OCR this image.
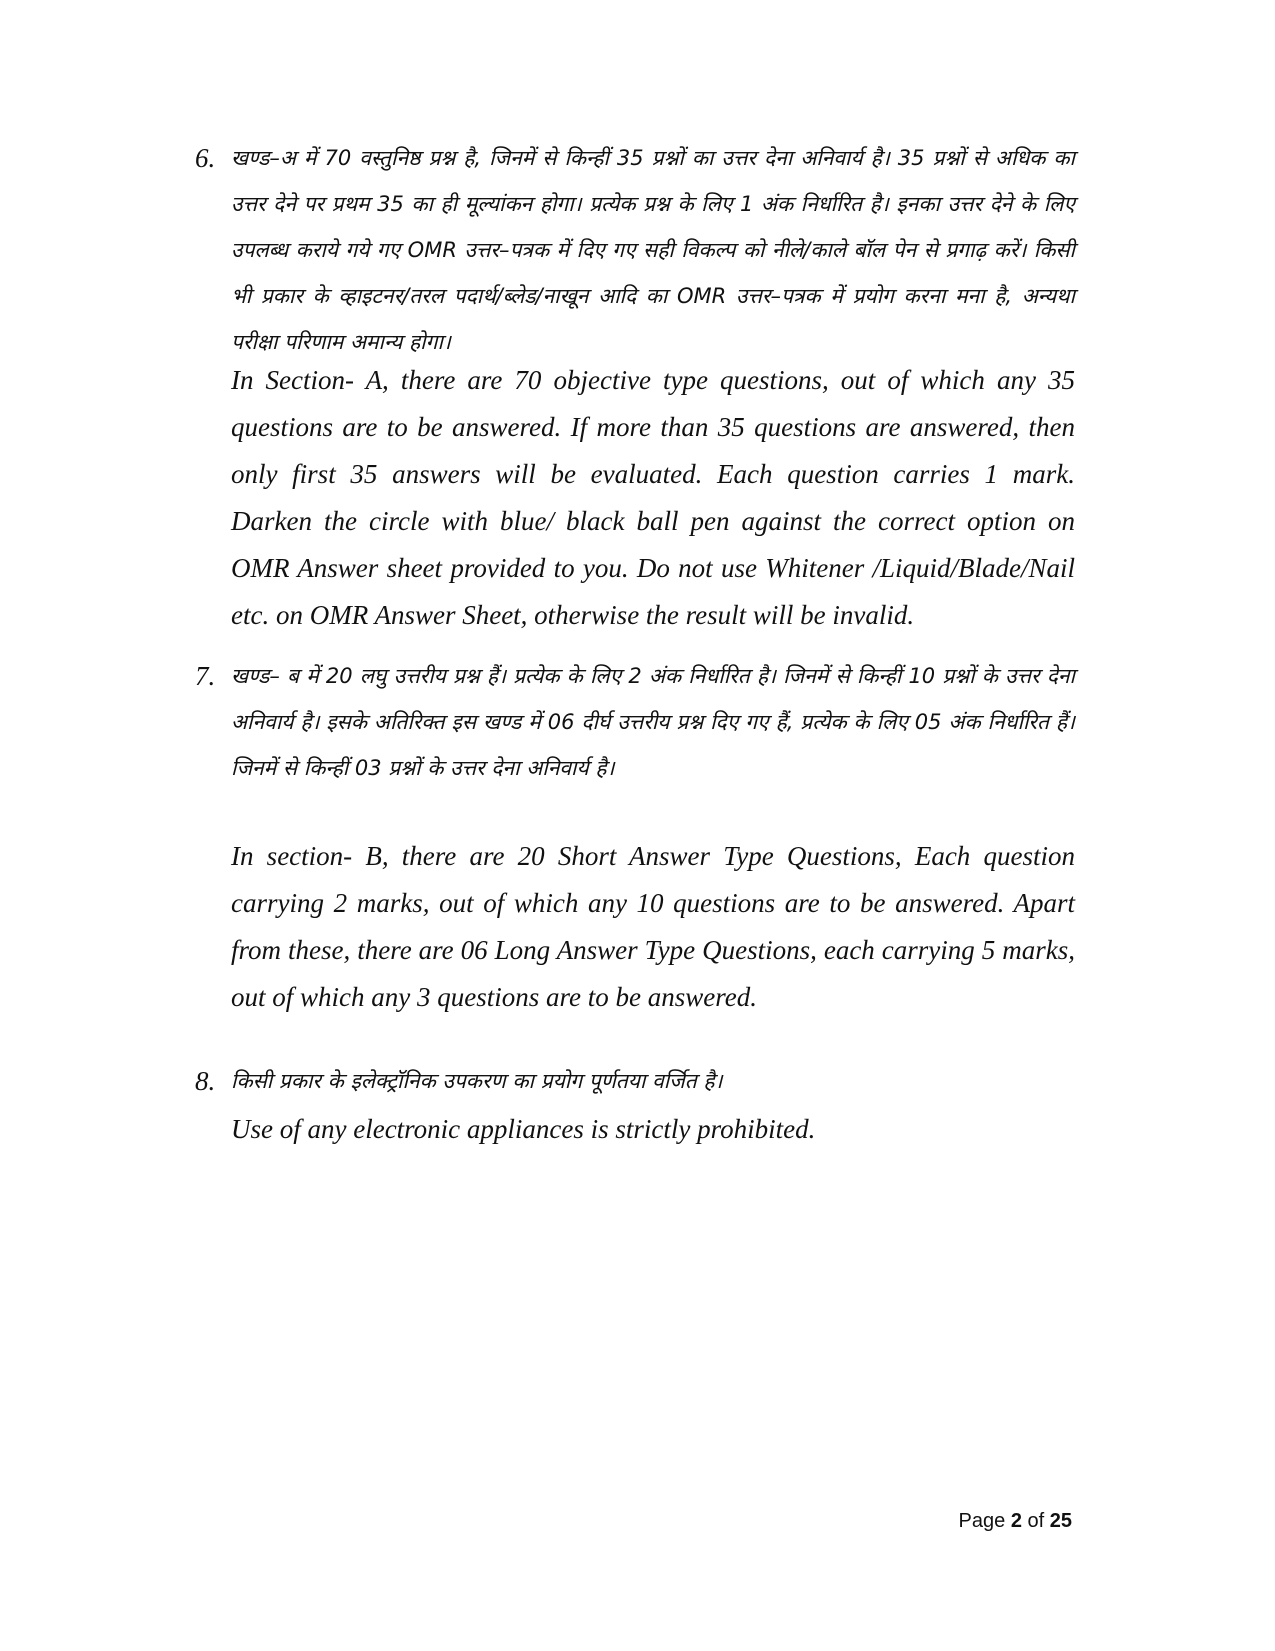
6. खण्ड–अ में 70 वस्तुनिष्ठ प्रश्न है, जिनमें से किन्हीं 35 प्रश्नों का उत्तर देना अनिवार्य है। 35 प्रश्नों से अधिक का उत्तर देने पर प्रथम 35 का ही मूल्यांकन होगा। प्रत्येक प्रश्न के लिए 1 अंक निर्धारित है। इनका उत्तर देने के लिए उपलब्ध कराये गये गए OMR उत्तर–पत्रक में दिए गए सही विकल्प को नीले/काले बॉल पेन से प्रगाढ़ करें। किसी भी प्रकार के व्हाइटनर/तरल पदार्थ/ब्लेड/नाखून आदि का OMR उत्तर–पत्रक में प्रयोग करना मना है, अन्यथा परीक्षा परिणाम अमान्य होगा।
In Section- A, there are 70 objective type questions, out of which any 35 questions are to be answered. If more than 35 questions are answered, then only first 35 answers will be evaluated. Each question carries 1 mark. Darken the circle with blue/ black ball pen against the correct option on OMR Answer sheet provided to you. Do not use Whitener /Liquid/Blade/Nail etc. on OMR Answer Sheet, otherwise the result will be invalid.
7. खण्ड– ब में 20 लघु उत्तरीय प्रश्न हैं। प्रत्येक के लिए 2 अंक निर्धारित है। जिनमें से किन्हीं 10 प्रश्नों के उत्तर देना अनिवार्य है। इसके अतिरिक्त इस खण्ड में 06 दीर्घ उत्तरीय प्रश्न दिए गए हैं, प्रत्येक के लिए 05 अंक निर्धारित हैं। जिनमें से किन्हीं 03 प्रश्नों के उत्तर देना अनिवार्य है।
In section- B, there are 20 Short Answer Type Questions, Each question carrying 2 marks, out of which any 10 questions are to be answered. Apart from these, there are 06 Long Answer Type Questions, each carrying 5 marks, out of which any 3 questions are to be answered.
8. किसी प्रकार के इलेक्ट्रॉनिक उपकरण का प्रयोग पूर्णतया वर्जित है।
Use of any electronic appliances is strictly prohibited.
Page 2 of 25
